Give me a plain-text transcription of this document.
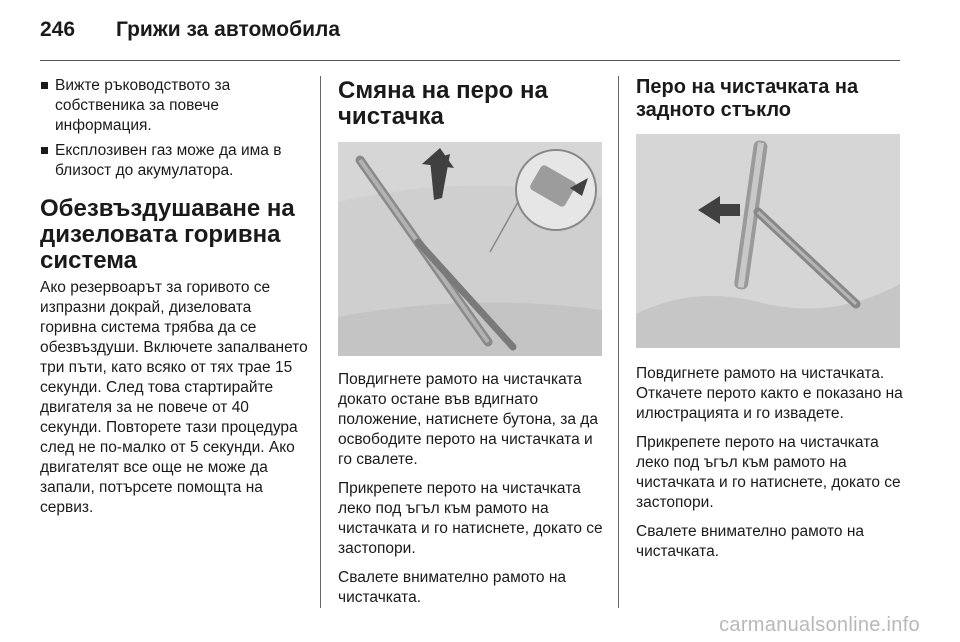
246 Грижи за автомобила
Вижте ръководството за собственика за повече информация.
Експлозивен газ може да има в близост до акумулатора.
Обезвъздушаване на дизеловата горивна система

Ако резервоарът за горивото се изпразни докрай, дизеловата горивна система трябва да се обезвъздуши. Включете запалването три пъти, като всяко от тях трае 15 секунди. След това стартирайте двигателя за не повече от 40 секунди. Повторете тази процедура след не по-малко от 5 секунди. Ако двигателят все още не може да запали, потърсете помощта на сервиз.

Смяна на перо на чистачка

Повдигнете рамото на чистачката докато остане във вдигнато положение, натиснете бутона, за да освободите перото на чистачката и го свалете.

Прикрепете перото на чистачката леко под ъгъл към рамото на чистачката и го натиснете, докато се застопори.

Свалете внимателно рамото на чистачката.

Перо на чистачката на задното стъкло

Повдигнете рамото на чистачката. Откачете перото както е показано на илюстрацията и го извадете.

Прикрепете перото на чистачката леко под ъгъл към рамото на чистачката и го натиснете, докато се застопори.

Свалете внимателно рамото на чистачката.

carmanualsonline.info
